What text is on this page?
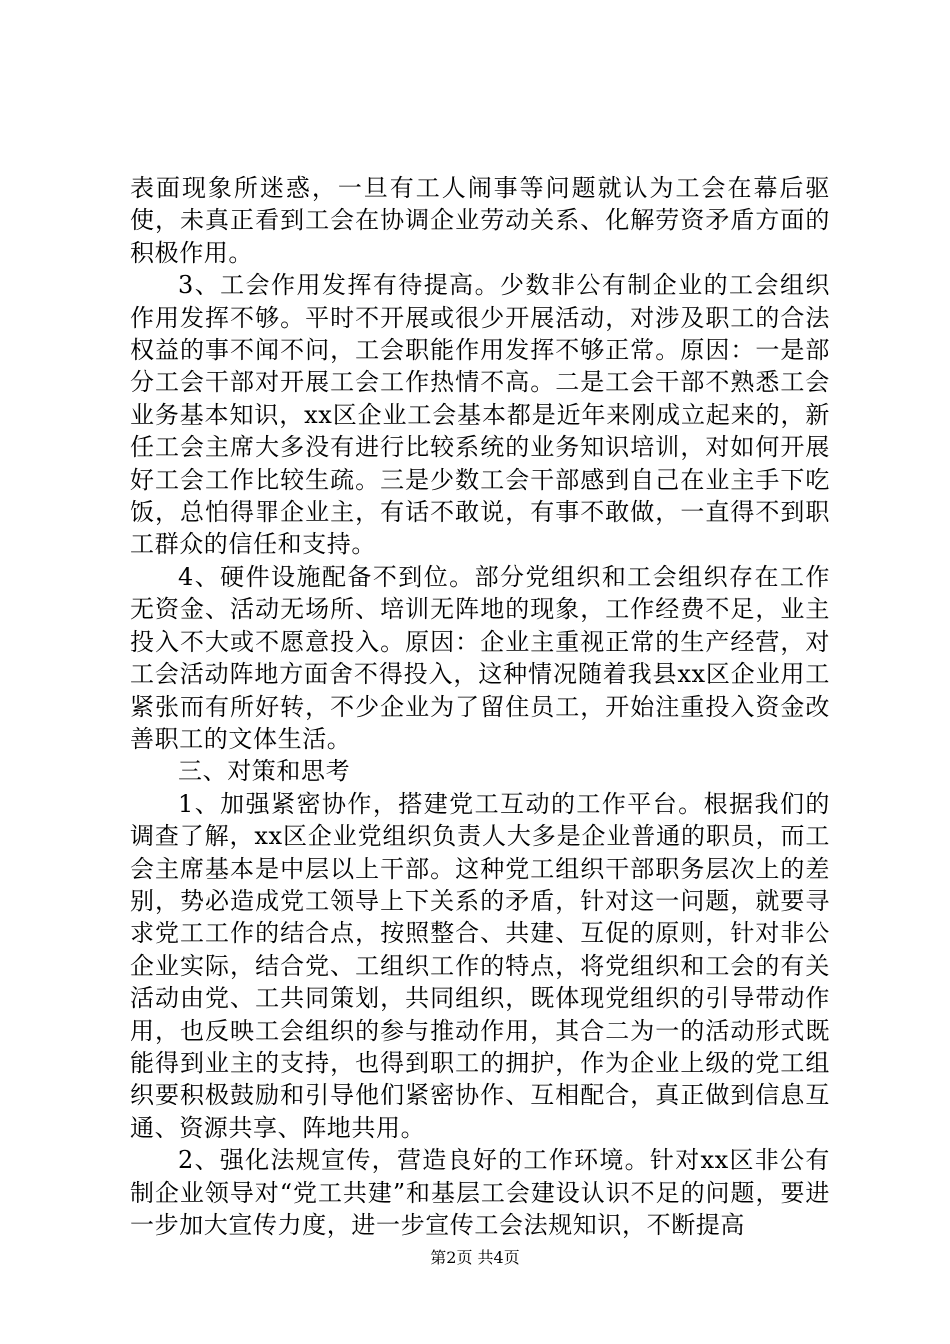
表面现象所迷惑，一旦有工人闹事等问题就认为工会在幕后驱使，未真正看到工会在协调企业劳动关系、化解劳资矛盾方面的积极作用。

3、工会作用发挥有待提高。少数非公有制企业的工会组织作用发挥不够。平时不开展或很少开展活动，对涉及职工的合法权益的事不闻不问，工会职能作用发挥不够正常。原因：一是部分工会干部对开展工会工作热情不高。二是工会干部不熟悉工会业务基本知识，xx区企业工会基本都是近年来刚成立起来的，新任工会主席大多没有进行比较系统的业务知识培训，对如何开展好工会工作比较生疏。三是少数工会干部感到自己在业主手下吃饭，总怕得罪企业主，有话不敢说，有事不敢做，一直得不到职工群众的信任和支持。

4、硬件设施配备不到位。部分党组织和工会组织存在工作无资金、活动无场所、培训无阵地的现象，工作经费不足，业主投入不大或不愿意投入。原因：企业主重视正常的生产经营，对工会活动阵地方面舍不得投入，这种情况随着我县xx区企业用工紧张而有所好转，不少企业为了留住员工，开始注重投入资金改善职工的文体生活。

三、对策和思考

1、加强紧密协作，搭建党工互动的工作平台。根据我们的调查了解，xx区企业党组织负责人大多是企业普通的职员，而工会主席基本是中层以上干部。这种党工组织干部职务层次上的差别，势必造成党工领导上下关系的矛盾，针对这一问题，就要寻求党工工作的结合点，按照整合、共建、互促的原则，针对非公企业实际，结合党、工组织工作的特点，将党组织和工会的有关活动由党、工共同策划，共同组织，既体现党组织的引导带动作用，也反映工会组织的参与推动作用，其合二为一的活动形式既能得到业主的支持，也得到职工的拥护，作为企业上级的党工组织要积极鼓励和引导他们紧密协作、互相配合，真正做到信息互通、资源共享、阵地共用。

2、强化法规宣传，营造良好的工作环境。针对xx区非公有制企业领导对“党工共建”和基层工会建设认识不足的问题，要进一步加大宣传力度，进一步宣传工会法规知识，不断提高

第2页 共4页
